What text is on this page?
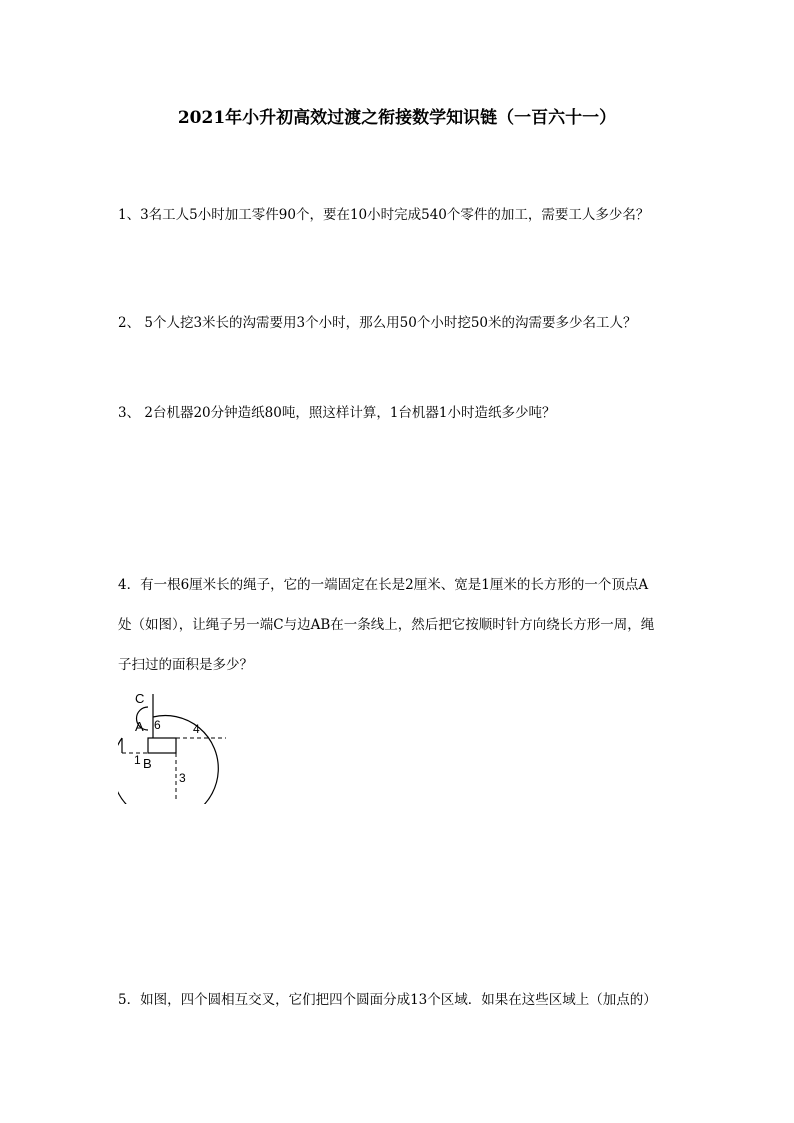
2021年小升初高效过渡之衔接数学知识链（一百六十一）
1、3名工人5小时加工零件90个，要在10小时完成540个零件的加工，需要工人多少名？
2、 5个人挖3米长的沟需要用3个小时，那么用50个小时挖50米的沟需要多少名工人？
3、 2台机器20分钟造纸80吨，照这样计算，1台机器1小时造纸多少吨？
4．有一根6厘米长的绳子，它的一端固定在长是2厘米、宽是1厘米的长方形的一个顶点A
处（如图），让绳子另一端C与边AB在一条线上，然后把它按顺时针方向绕长方形一周，绳
子扫过的面积是多少？
C
A 6	4
1 B
3
5．如图，四个圆相互交叉，它们把四个圆面分成13个区域．如果在这些区域上（加点的）
